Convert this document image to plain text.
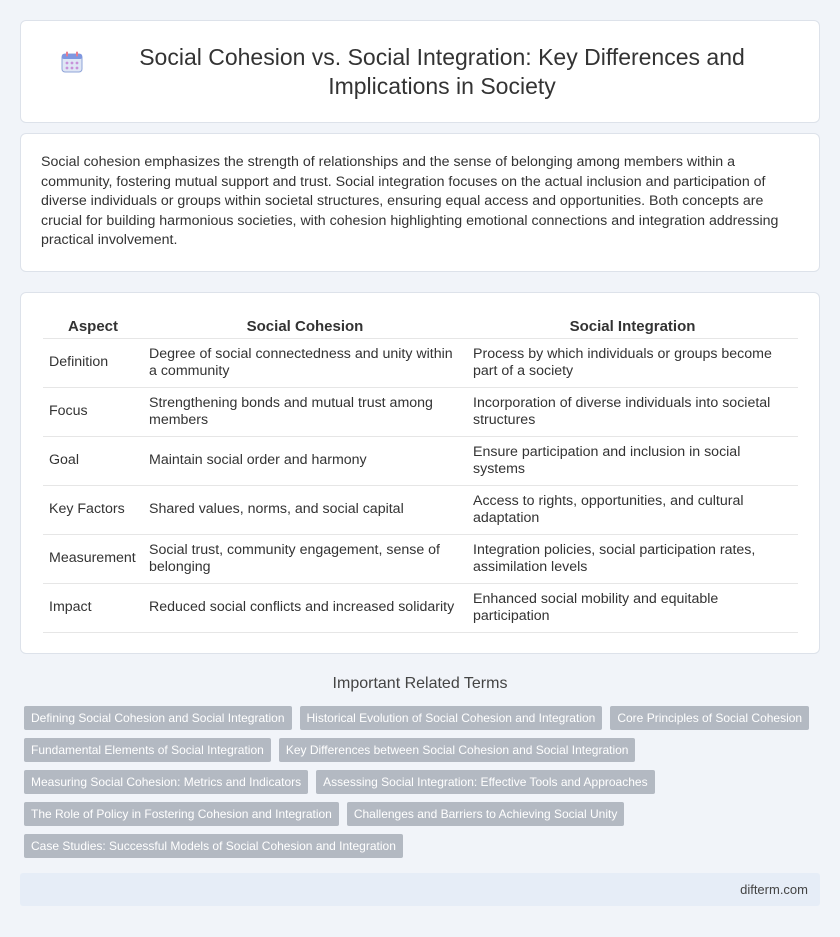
Social Cohesion vs. Social Integration: Key Differences and Implications in Society

Social cohesion emphasizes the strength of relationships and the sense of belonging among members within a community, fostering mutual support and trust. Social integration focuses on the actual inclusion and participation of diverse individuals or groups within societal structures, ensuring equal access and opportunities. Both concepts are crucial for building harmonious societies, with cohesion highlighting emotional connections and integration addressing practical involvement.

Aspect	Social Cohesion	Social Integration
Definition	Degree of social connectedness and unity within a community	Process by which individuals or groups become part of a society
Focus	Strengthening bonds and mutual trust among members	Incorporation of diverse individuals into societal structures
Goal	Maintain social order and harmony	Ensure participation and inclusion in social systems
Key Factors	Shared values, norms, and social capital	Access to rights, opportunities, and cultural adaptation
Measurement	Social trust, community engagement, sense of belonging	Integration policies, social participation rates, assimilation levels
Impact	Reduced social conflicts and increased solidarity	Enhanced social mobility and equitable participation
Important Related Terms
Defining Social Cohesion and Social Integration	Historical Evolution of Social Cohesion and Integration	Core Principles of Social Cohesion
Fundamental Elements of Social Integration	Key Differences between Social Cohesion and Social Integration
Measuring Social Cohesion: Metrics and Indicators	Assessing Social Integration: Effective Tools and Approaches
The Role of Policy in Fostering Cohesion and Integration	Challenges and Barriers to Achieving Social Unity
Case Studies: Successful Models of Social Cohesion and Integration
difterm.com
